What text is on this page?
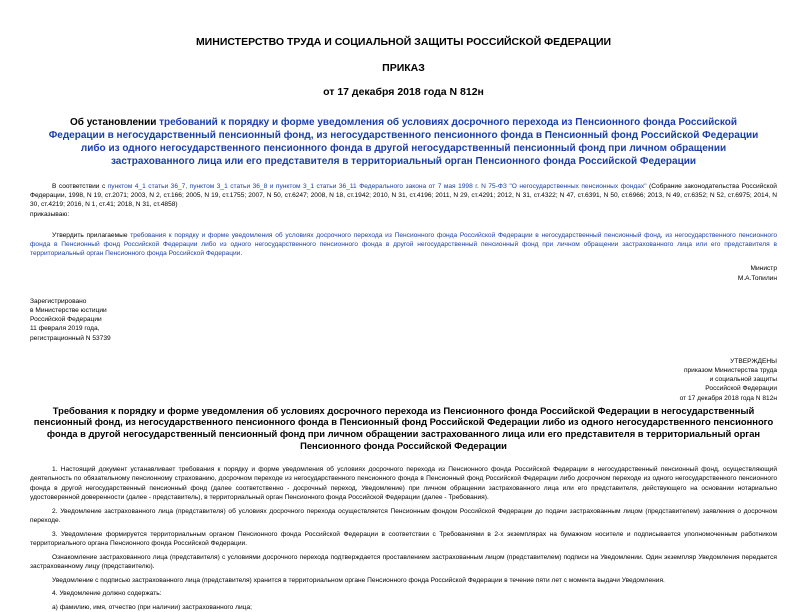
МИНИСТЕРСТВО ТРУДА И СОЦИАЛЬНОЙ ЗАЩИТЫ РОССИЙСКОЙ ФЕДЕРАЦИИ
ПРИКАЗ
от 17 декабря 2018 года N 812н
Об установлении требований к порядку и форме уведомления об условиях досрочного перехода из Пенсионного фонда Российской Федерации в негосударственный пенсионный фонд, из негосударственного пенсионного фонда в Пенсионный фонд Российской Федерации либо из одного негосударственного пенсионного фонда в другой негосударственный пенсионный фонд при личном обращении застрахованного лица или его представителя в территориальный орган Пенсионного фонда Российской Федерации

В соответствии с пунктом 4_1 статьи 36_7, пунктом 3_1 статьи 36_8 и пунктом 3_1 статьи 36_11 Федерального закона от 7 мая 1998 г. N 75-ФЗ "О негосударственных пенсионных фондах" (Собрание законодательства Российской Федерации, 1998, N 19, ст.2071; 2003, N 2, ст.166; 2005, N 19, ст.1755; 2007, N 50, ст.6247; 2008, N 18, ст.1942; 2010, N 31, ст.4196; 2011, N 29, ст.4291; 2012, N 31, ст.4322; N 47, ст.6391, N 50, ст.6966; 2013, N 49, ст.6352; N 52, ст.6975; 2014, N 30, ст.4219; 2016, N 1, ст.41; 2018, N 31, ст.4858)

приказываю:

Утвердить прилагаемые требования к порядку и форме уведомления об условиях досрочного перехода из Пенсионного фонда Российской Федерации в негосударственный пенсионный фонд, из негосударственного пенсионного фонда в Пенсионный фонд Российской Федерации либо из одного негосударственного пенсионного фонда в другой негосударственный пенсионный фонд при личном обращении застрахованного лица или его представителя в территориальный орган Пенсионного фонда Российской Федерации.

Министр
М.А.Топилин
Зарегистрировано
в Министерстве юстиции
Российской Федерации
11 февраля 2019 года,
регистрационный N 53739
УТВЕРЖДЕНЫ
приказом Министерства труда
и социальной защиты
Российской Федерации
от 17 декабря 2018 года N 812н
Требования к порядку и форме уведомления об условиях досрочного перехода из Пенсионного фонда Российской Федерации в негосударственный пенсионный фонд, из негосударственного пенсионного фонда в Пенсионный фонд Российской Федерации либо из одного негосударственного пенсионного фонда в другой негосударственный пенсионный фонд при личном обращении застрахованного лица или его представителя в территориальный орган Пенсионного фонда Российской Федерации

1. Настоящий документ устанавливает требования к порядку и форме уведомления об условиях досрочного перехода из Пенсионного фонда Российской Федерации в негосударственный пенсионный фонд, осуществляющий деятельность по обязательному пенсионному страхованию, досрочном переходе из негосударственного пенсионного фонда в Пенсионный фонд Российской Федерации либо досрочном переходе из одного негосударственного пенсионного фонда в другой негосударственный пенсионный фонд (далее соответственно - досрочный переход, Уведомление) при личном обращении застрахованного лица или его представителя, действующего на основании нотариально удостоверенной доверенности (далее - представитель), в территориальный орган Пенсионного фонда Российской Федерации (далее - Требования).

2. Уведомление застрахованного лица (представителя) об условиях досрочного перехода осуществляется Пенсионным фондом Российской Федерации до подачи застрахованным лицом (представителем) заявления о досрочном переходе.

3. Уведомление формируется территориальным органом Пенсионного фонда Российской Федерации в соответствии с Требованиями в 2-х экземплярах на бумажном носителе и подписывается уполномоченным работником территориального органа Пенсионного фонда Российской Федерации.

Ознакомление застрахованного лица (представителя) с условиями досрочного перехода подтверждается проставлением застрахованным лицом (представителем) подписи на Уведомлении. Один экземпляр Уведомления передается застрахованному лицу (представителю).

Уведомление с подписью застрахованного лица (представителя) хранится в территориальном органе Пенсионного фонда Российской Федерации в течение пяти лет с момента выдачи Уведомления.

4. Уведомление должно содержать:

а) фамилию, имя, отчество (при наличии) застрахованного лица;
